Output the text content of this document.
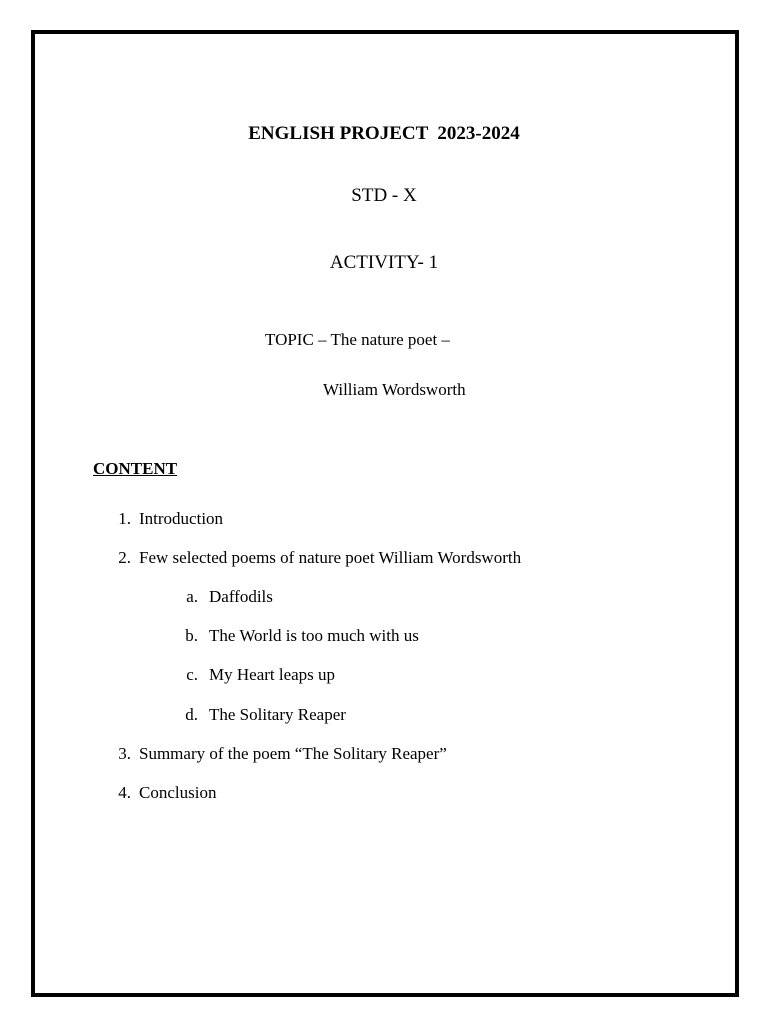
ENGLISH PROJECT  2023-2024
STD - X
ACTIVITY- 1
TOPIC – The nature poet –
William Wordsworth
CONTENT
1. Introduction
2. Few selected poems of nature poet William Wordsworth
a. Daffodils
b. The World is too much with us
c. My Heart leaps up
d. The Solitary Reaper
3. Summary of the poem “The Solitary Reaper”
4. Conclusion
